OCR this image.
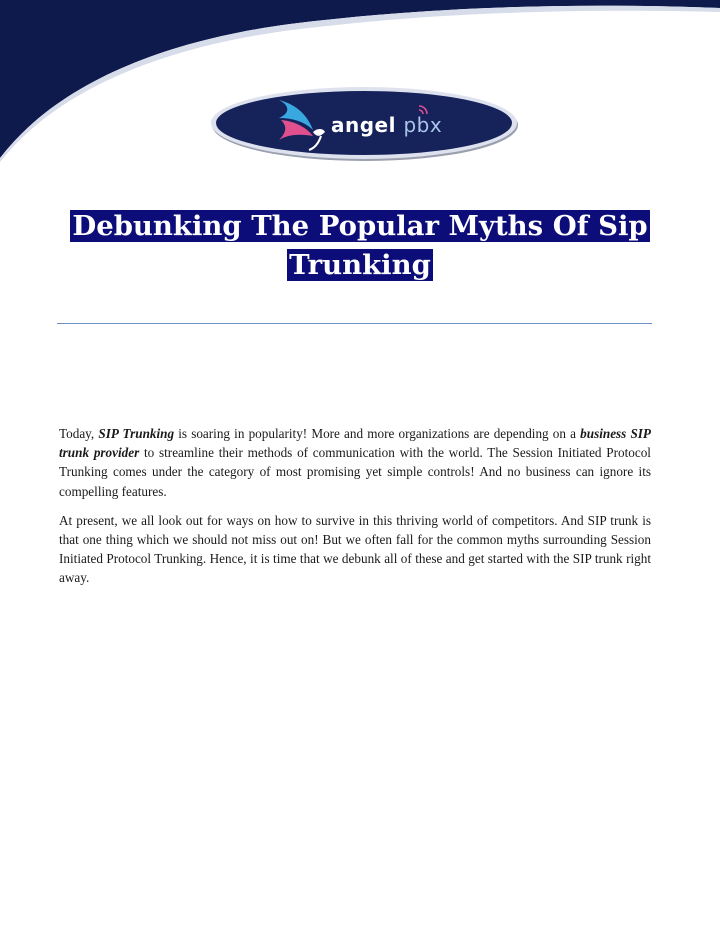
angel pbx
Debunking The Popular Myths Of Sip Trunking

Today, SIP Trunking is soaring in popularity! More and more organizations are depending on a business SIP trunk provider to streamline their methods of communication with the world. The Session Initiated Protocol Trunking comes under the category of most promising yet simple controls! And no business can ignore its compelling features.

At present, we all look out for ways on how to survive in this thriving world of competitors. And SIP trunk is that one thing which we should not miss out on! But we often fall for the common myths surrounding Session Initiated Protocol Trunking. Hence, it is time that we debunk all of these and get started with the SIP trunk right away.
